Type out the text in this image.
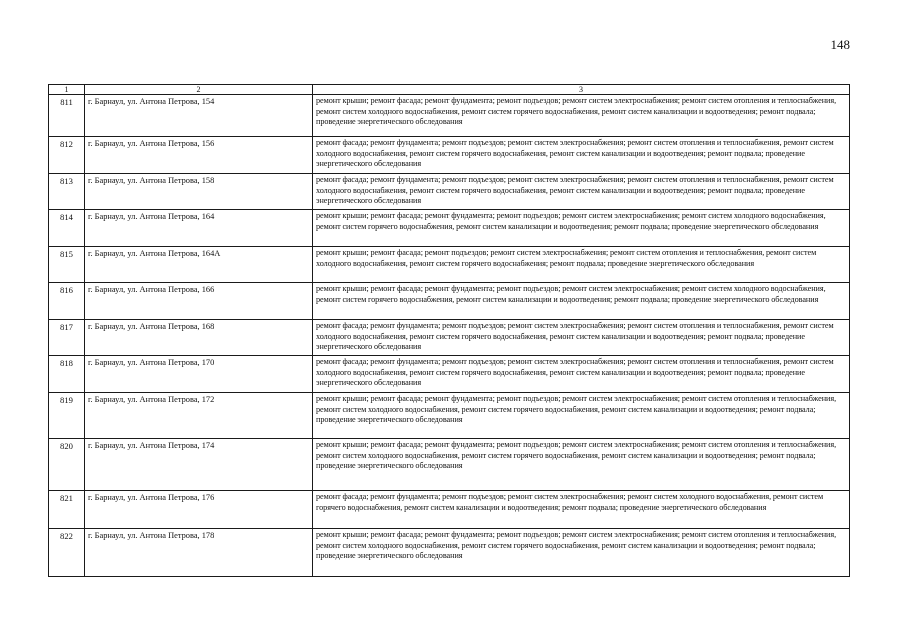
148
1	2	3
811	г. Барнаул, ул. Антона Петрова, 154	ремонт крыши; ремонт фасада; ремонт фундамента; ремонт подъездов; ремонт систем электроснабжения; ремонт систем отопления и теплоснабжения, ремонт систем холодного водоснабжения, ремонт систем горячего водоснабжения, ремонт систем канализации и водоотведения; ремонт подвала; проведение энергетического обследования
812	г. Барнаул, ул. Антона Петрова, 156	ремонт фасада; ремонт фундамента; ремонт подъездов; ремонт систем электроснабжения; ремонт систем отопления и теплоснабжения, ремонт систем холодного водоснабжения, ремонт систем горячего водоснабжения, ремонт систем канализации и водоотведения; ремонт подвала; проведение энергетического обследования
813	г. Барнаул, ул. Антона Петрова, 158	ремонт фасада; ремонт фундамента; ремонт подъездов; ремонт систем электроснабжения; ремонт систем отопления и теплоснабжения, ремонт систем холодного водоснабжения, ремонт систем горячего водоснабжения, ремонт систем канализации и водоотведения; ремонт подвала; проведение энергетического обследования
814	г. Барнаул, ул. Антона Петрова, 164	ремонт крыши; ремонт фасада; ремонт фундамента; ремонт подъездов; ремонт систем электроснабжения; ремонт систем холодного водоснабжения, ремонт систем горячего водоснабжения, ремонт систем канализации и водоотведения; ремонт подвала; проведение энергетического обследования
815	г. Барнаул, ул. Антона Петрова, 164А	ремонт крыши; ремонт фасада; ремонт подъездов; ремонт систем электроснабжения; ремонт систем отопления и теплоснабжения, ремонт систем холодного водоснабжения, ремонт систем горячего водоснабжения; ремонт подвала; проведение энергетического обследования
816	г. Барнаул, ул. Антона Петрова, 166	ремонт крыши; ремонт фасада; ремонт фундамента; ремонт подъездов; ремонт систем электроснабжения; ремонт систем холодного водоснабжения, ремонт систем горячего водоснабжения, ремонт систем канализации и водоотведения; ремонт подвала; проведение энергетического обследования
817	г. Барнаул, ул. Антона Петрова, 168	ремонт фасада; ремонт фундамента; ремонт подъездов; ремонт систем электроснабжения; ремонт систем отопления и теплоснабжения, ремонт систем холодного водоснабжения, ремонт систем горячего водоснабжения, ремонт систем канализации и водоотведения; ремонт подвала; проведение энергетического обследования
818	г. Барнаул, ул. Антона Петрова, 170	ремонт фасада; ремонт фундамента; ремонт подъездов; ремонт систем электроснабжения; ремонт систем отопления и теплоснабжения, ремонт систем холодного водоснабжения, ремонт систем горячего водоснабжения, ремонт систем канализации и водоотведения; ремонт подвала; проведение энергетического обследования
819	г. Барнаул, ул. Антона Петрова, 172	ремонт крыши; ремонт фасада; ремонт фундамента; ремонт подъездов; ремонт систем электроснабжения; ремонт систем отопления и теплоснабжения, ремонт систем холодного водоснабжения, ремонт систем горячего водоснабжения, ремонт систем канализации и водоотведения; ремонт подвала; проведение энергетического обследования
820	г. Барнаул, ул. Антона Петрова, 174	ремонт крыши; ремонт фасада; ремонт фундамента; ремонт подъездов; ремонт систем электроснабжения; ремонт систем отопления и теплоснабжения, ремонт систем холодного водоснабжения, ремонт систем горячего водоснабжения, ремонт систем канализации и водоотведения; ремонт подвала; проведение энергетического обследования
821	г. Барнаул, ул. Антона Петрова, 176	ремонт фасада; ремонт фундамента; ремонт подъездов; ремонт систем электроснабжения; ремонт систем холодного водоснабжения, ремонт систем горячего водоснабжения, ремонт систем канализации и водоотведения; ремонт подвала; проведение энергетического обследования
822	г. Барнаул, ул. Антона Петрова, 178	ремонт крыши; ремонт фасада; ремонт фундамента; ремонт подъездов; ремонт систем электроснабжения; ремонт систем отопления и теплоснабжения, ремонт систем холодного водоснабжения, ремонт систем горячего водоснабжения, ремонт систем канализации и водоотведения; ремонт подвала; проведение энергетического обследования
